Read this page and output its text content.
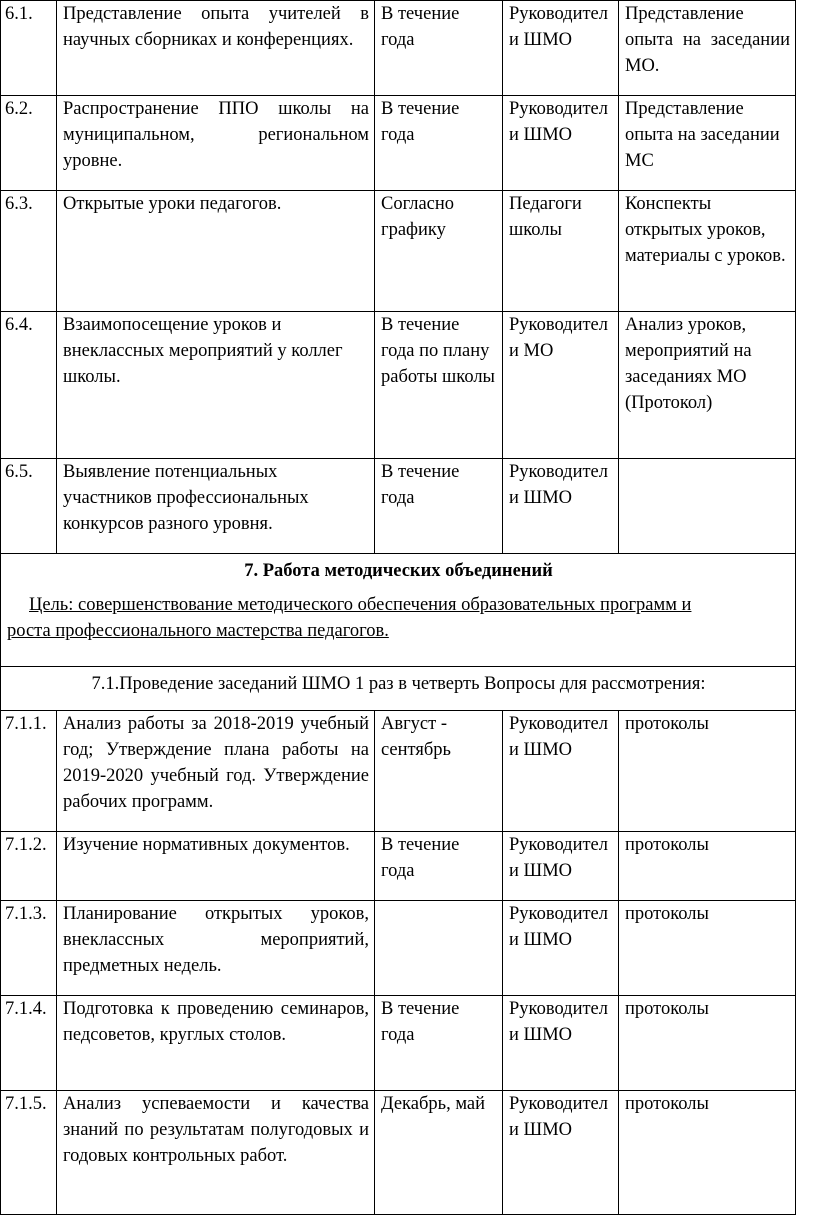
6.1.	Представление опыта учителей в научных сборниках и конференциях.	В течение года	Руководители ШМО	Представление опыта на заседании МО.
6.2.	Распространение ППО школы на муниципальном, региональном уровне.	В течение года	Руководители ШМО	Представление опыта на заседании МС
6.3.	Открытые уроки педагогов.	Согласно графику	Педагоги школы	Конспекты открытых уроков, материалы с уроков.
6.4.	Взаимопосещение уроков и внеклассных мероприятий у коллег школы.	В течение года по плану работы школы	Руководители МО	Анализ уроков, мероприятий на заседаниях МО (Протокол)
6.5.	Выявление потенциальных участников профессиональных конкурсов разного уровня.	В течение года	Руководители ШМО	

7. Работа методических объединений
Цель: совершенствование методического обеспечения образовательных программ и
роста профессионального мастерства педагогов.				

7.1.Проведение заседаний ШМО 1 раз в четверть Вопросы для рассмотрения:				
7.1.1.	Анализ работы за 2018-2019 учебный год; Утверждение плана работы на 2019-2020 учебный год. Утверждение рабочих программ.	Август - сентябрь	Руководители ШМО	протоколы
7.1.2.	Изучение нормативных документов.	В течение года	Руководители ШМО	протоколы
7.1.3.	Планирование открытых уроков, внеклассных мероприятий, предметных недель.		Руководители ШМО	протоколы
7.1.4.	Подготовка к проведению семинаров, педсоветов, круглых столов.	В течение года	Руководители ШМО	протоколы
7.1.5.	Анализ успеваемости и качества знаний по результатам полугодовых и годовых контрольных работ.	Декабрь, май	Руководители ШМО	протоколы
